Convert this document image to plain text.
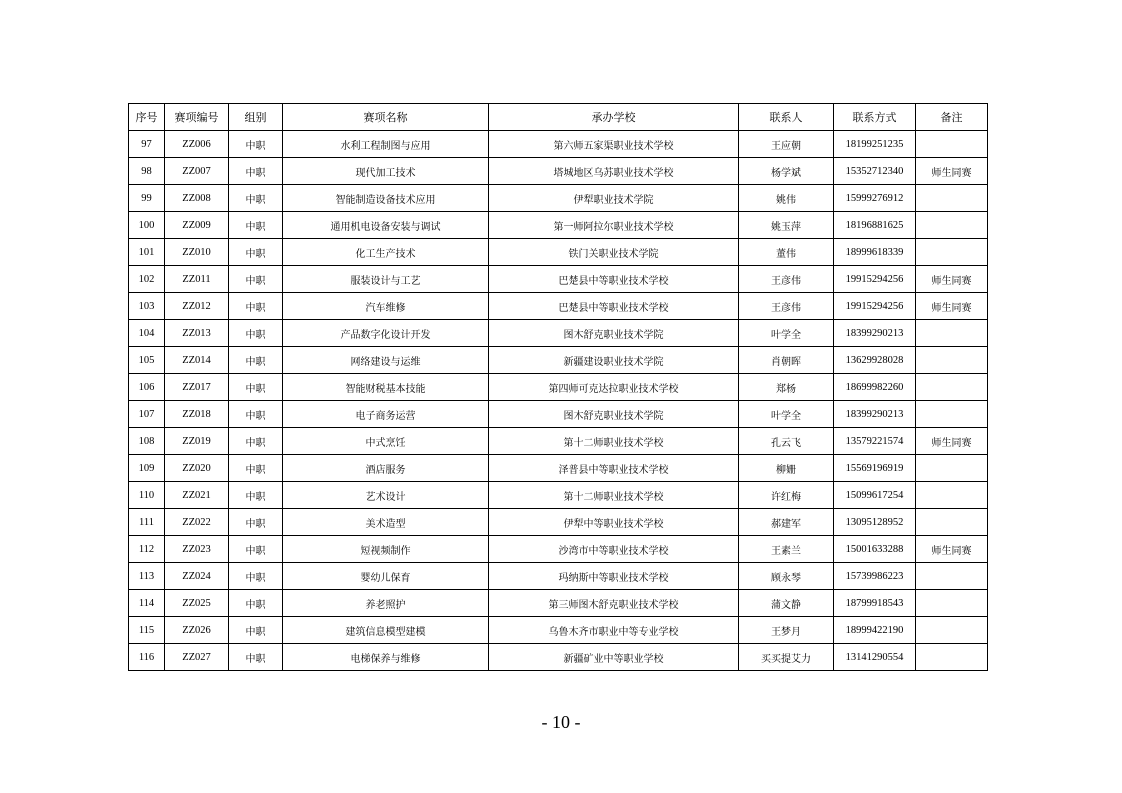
序号	赛项编号	组别	赛项名称	承办学校	联系人	联系方式	备注
97	ZZ006	中职	水利工程制图与应用	第六师五家渠职业技术学校	王应朝	18199251235	
98	ZZ007	中职	现代加工技术	塔城地区乌苏职业技术学校	杨学斌	15352712340	师生同赛
99	ZZ008	中职	智能制造设备技术应用	伊犁职业技术学院	姚伟	15999276912	
100	ZZ009	中职	通用机电设备安装与调试	第一师阿拉尔职业技术学校	姚玉萍	18196881625	
101	ZZ010	中职	化工生产技术	铁门关职业技术学院	董伟	18999618339	
102	ZZ011	中职	服装设计与工艺	巴楚县中等职业技术学校	王彦伟	19915294256	师生同赛
103	ZZ012	中职	汽车维修	巴楚县中等职业技术学校	王彦伟	19915294256	师生同赛
104	ZZ013	中职	产品数字化设计开发	图木舒克职业技术学院	叶学全	18399290213	
105	ZZ014	中职	网络建设与运维	新疆建设职业技术学院	肖朝晖	13629928028	
106	ZZ017	中职	智能财税基本技能	第四师可克达拉职业技术学校	郑杨	18699982260	
107	ZZ018	中职	电子商务运营	图木舒克职业技术学院	叶学全	18399290213	
108	ZZ019	中职	中式烹饪	第十二师职业技术学校	孔云飞	13579221574	师生同赛
109	ZZ020	中职	酒店服务	泽普县中等职业技术学校	柳姗	15569196919	
110	ZZ021	中职	艺术设计	第十二师职业技术学校	许红梅	15099617254	
111	ZZ022	中职	美术造型	伊犁中等职业技术学校	郝建军	13095128952	
112	ZZ023	中职	短视频制作	沙湾市中等职业技术学校	王素兰	15001633288	师生同赛
113	ZZ024	中职	婴幼儿保育	玛纳斯中等职业技术学校	顾永琴	15739986223	
114	ZZ025	中职	养老照护	第三师图木舒克职业技术学校	蒲文静	18799918543	
115	ZZ026	中职	建筑信息模型建模	乌鲁木齐市职业中等专业学校	王梦月	18999422190	
116	ZZ027	中职	电梯保养与维修	新疆矿业中等职业学校	买买提艾力	13141290554	
- 10 -
